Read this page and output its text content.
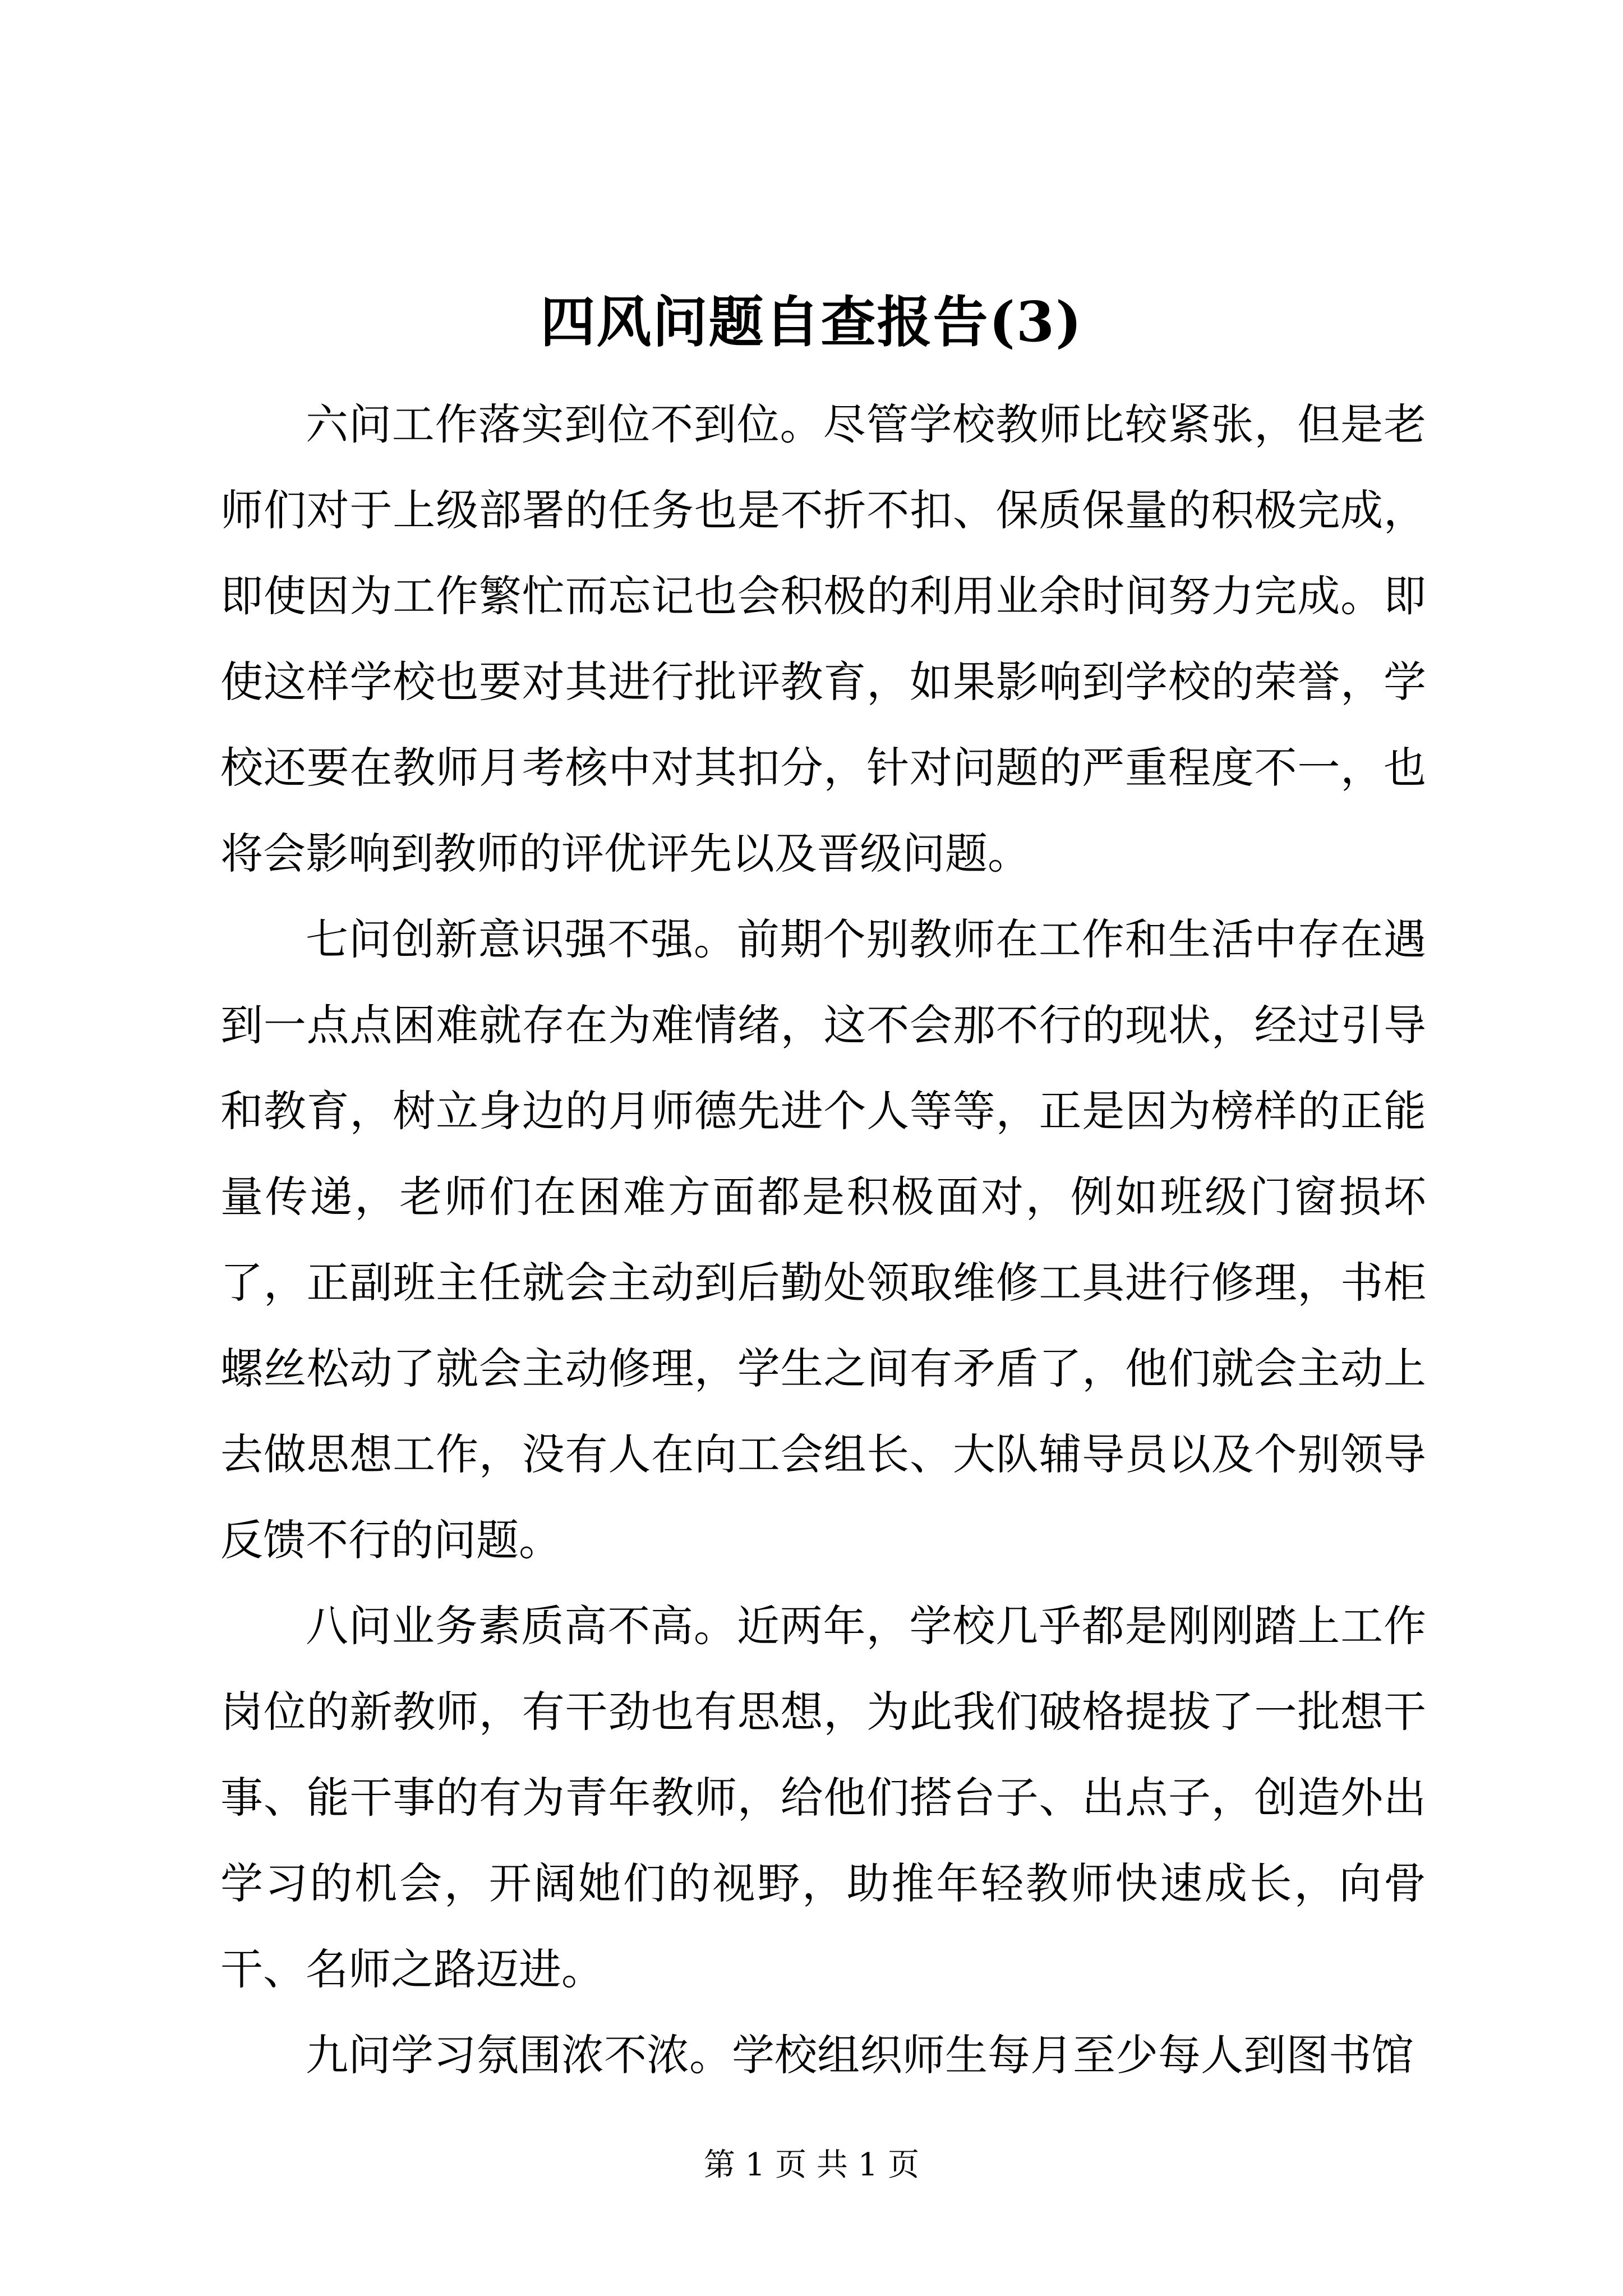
四风问题自查报告(3)

六问工作落实到位不到位。尽管学校教师比较紧张，但是老师们对于上级部署的任务也是不折不扣、保质保量的积极完成，即使因为工作繁忙而忘记也会积极的利用业余时间努力完成。即使这样学校也要对其进行批评教育，如果影响到学校的荣誉，学校还要在教师月考核中对其扣分，针对问题的严重程度不一，也将会影响到教师的评优评先以及晋级问题。

七问创新意识强不强。前期个别教师在工作和生活中存在遇到一点点困难就存在为难情绪，这不会那不行的现状，经过引导和教育，树立身边的月师德先进个人等等，正是因为榜样的正能量传递，老师们在困难方面都是积极面对，例如班级门窗损坏了，正副班主任就会主动到后勤处领取维修工具进行修理，书柜螺丝松动了就会主动修理，学生之间有矛盾了，他们就会主动上去做思想工作，没有人在向工会组长、大队辅导员以及个别领导反馈不行的问题。

八问业务素质高不高。近两年，学校几乎都是刚刚踏上工作岗位的新教师，有干劲也有思想，为此我们破格提拔了一批想干事、能干事的有为青年教师，给他们搭台子、出点子，创造外出学习的机会，开阔她们的视野，助推年轻教师快速成长，向骨干、名师之路迈进。

九问学习氛围浓不浓。学校组织师生每月至少每人到图书馆

第 1 页 共 1 页
